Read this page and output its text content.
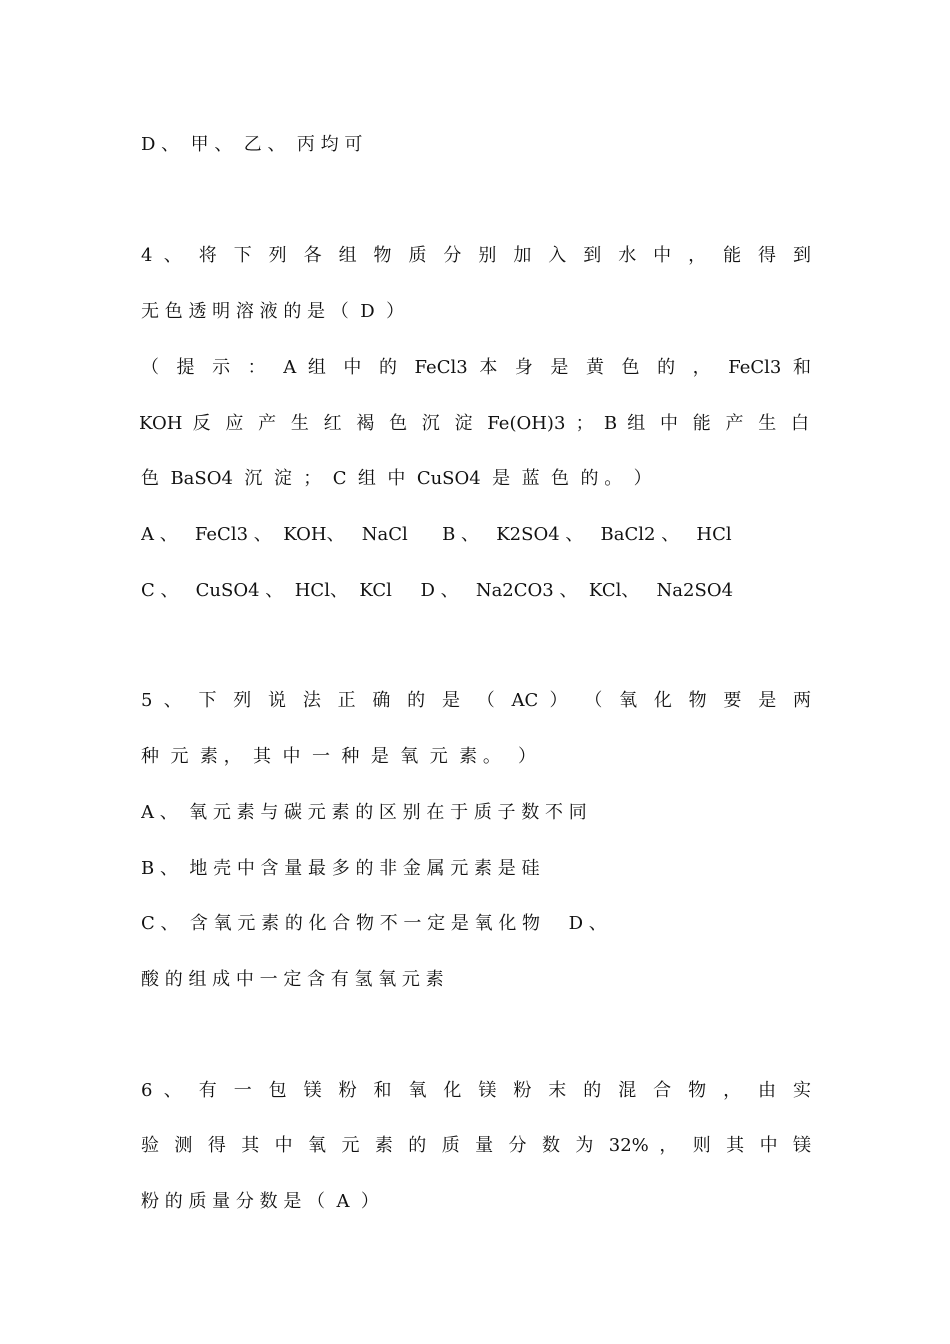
D 、  甲 、  乙 、  丙 均 可
4 、 将 下 列 各 组 物 质 分 别 加 入 到 水 中 ， 能 得 到
无 色 透 明 溶 液 的 是 （  D  ）
（ 提 示 ： A 组 中 的 FeCl3 本 身 是 黄 色 的 ， FeCl3 和
KOH 反 应 产 生 红 褐 色 沉 淀 Fe(OH)3 ； B 组 中 能 产 生 白
色  BaSO4  沉  淀  ；  C  组  中  CuSO4  是  蓝  色  的 。  ）
A 、   FeCl3 、  KOH、   NaCl      B 、   K2SO4 、   BaCl2 、   HCl
C 、   CuSO4 、  HCl、  KCl     D 、   Na2CO3 、  KCl、   Na2SO4
5 、 下 列 说 法 正 确 的 是 （ AC ） （ 氧 化 物 要 是 两
种  元  素 ，  其  中  一  种  是  氧  元  素 。   ）
A 、  氧 元 素 与 碳 元 素 的 区 别 在 于 质 子 数 不 同
B 、  地 壳 中 含 量 最 多 的 非 金 属 元 素 是 硅
C 、  含 氧 元 素 的 化 合 物 不 一 定 是 氧 化 物     D 、
酸 的 组 成 中 一 定 含 有 氢 氧 元 素
6 、 有 一 包 镁 粉 和 氧 化 镁 粉 末 的 混 合 物 ， 由 实
验 测 得 其 中 氧 元 素 的 质 量 分 数 为 32% ， 则 其 中 镁
粉 的 质 量 分 数 是 （  A  ）
